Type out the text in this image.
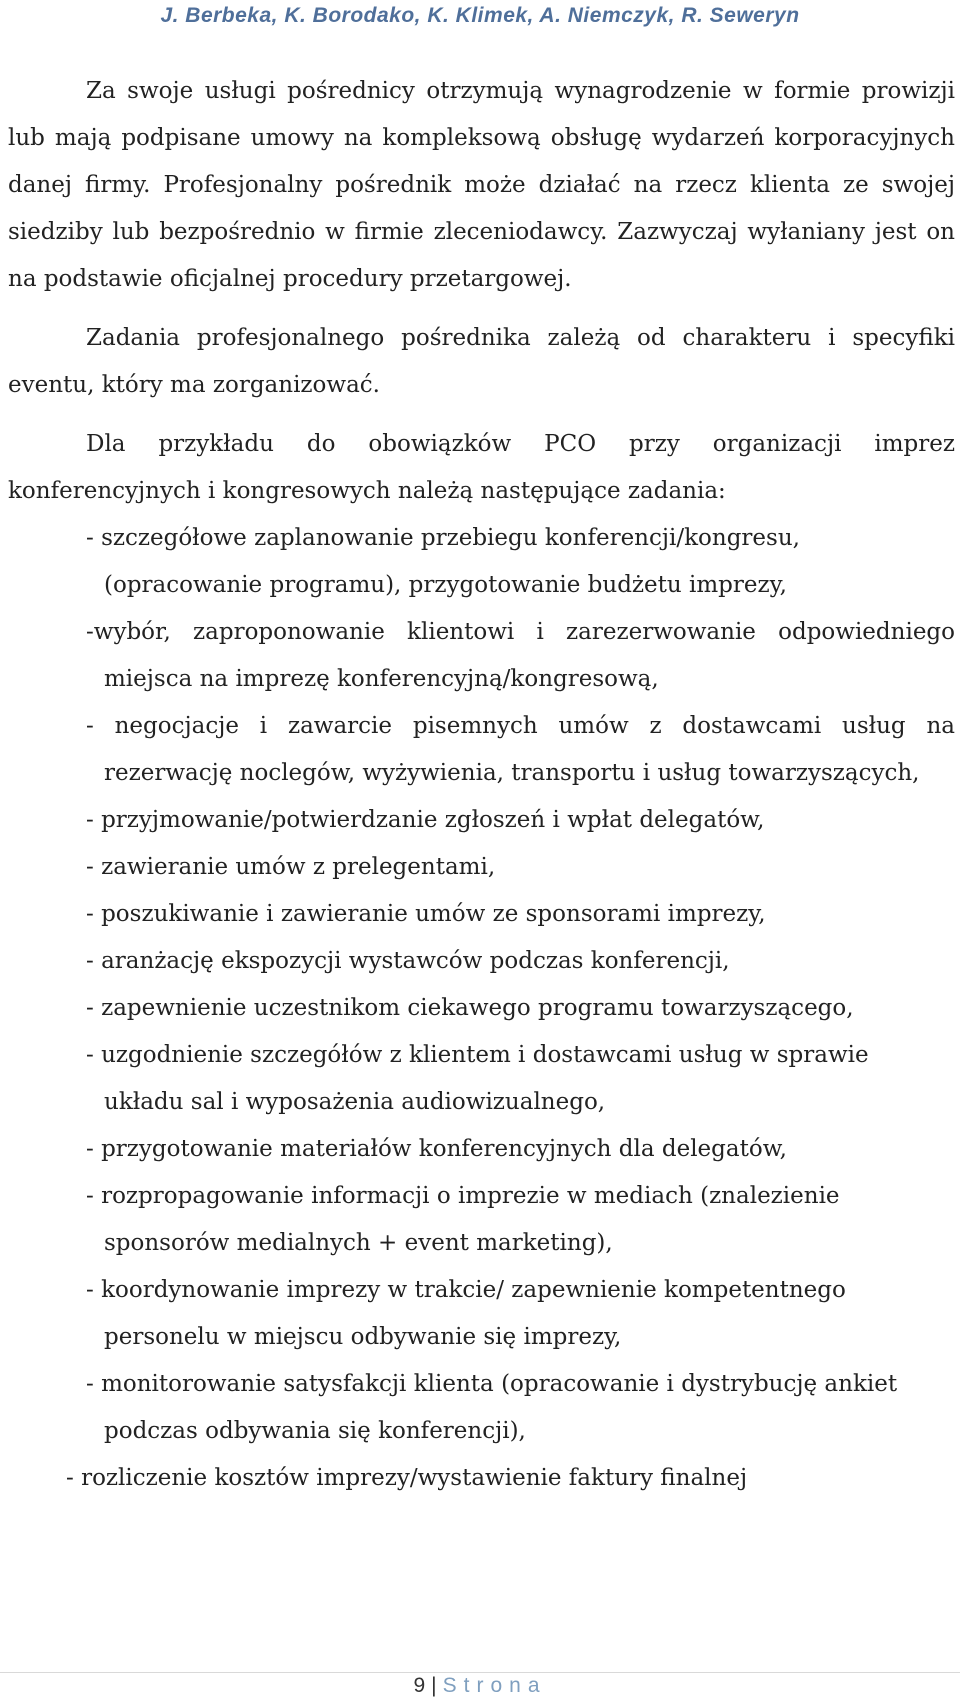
J. Berbeka, K. Borodako, K. Klimek, A. Niemczyk, R. Seweryn

Za swoje usługi pośrednicy otrzymują wynagrodzenie w formie prowizji lub mają podpisane umowy na kompleksową obsługę wydarzeń korporacyjnych danej firmy. Profesjonalny pośrednik może działać na rzecz klienta ze swojej siedziby lub bezpośrednio w firmie zleceniodawcy. Zazwyczaj wyłaniany jest on na podstawie oficjalnej procedury przetargowej.

Zadania profesjonalnego pośrednika zależą od charakteru i specyfiki eventu, który ma zorganizować.

Dla przykładu do obowiązków PCO przy organizacji imprez konferencyjnych i kongresowych należą następujące zadania:

- szczegółowe zaplanowanie przebiegu konferencji/kongresu, (opracowanie programu), przygotowanie budżetu imprezy,
-wybór, zaproponowanie klientowi i zarezerwowanie odpowiedniego miejsca na imprezę konferencyjną/kongresową,
- negocjacje i zawarcie pisemnych umów z dostawcami usług na rezerwację noclegów, wyżywienia, transportu i usług towarzyszących,
- przyjmowanie/potwierdzanie zgłoszeń i wpłat delegatów,
- zawieranie umów z prelegentami,
- poszukiwanie i zawieranie umów ze sponsorami imprezy,
- aranżację ekspozycji wystawców podczas konferencji,
- zapewnienie uczestnikom ciekawego programu towarzyszącego,
- uzgodnienie szczegółów z klientem i dostawcami usług w sprawie układu sal i wyposażenia audiowizualnego,
- przygotowanie materiałów konferencyjnych dla delegatów,
- rozpropagowanie informacji o imprezie w mediach (znalezienie sponsorów medialnych + event marketing),
- koordynowanie imprezy w trakcie/ zapewnienie kompetentnego personelu w miejscu odbywanie się imprezy,
- monitorowanie satysfakcji klienta (opracowanie i dystrybucję ankiet podczas odbywania się konferencji),
- rozliczenie kosztów imprezy/wystawienie faktury finalnej
9 | Strona
